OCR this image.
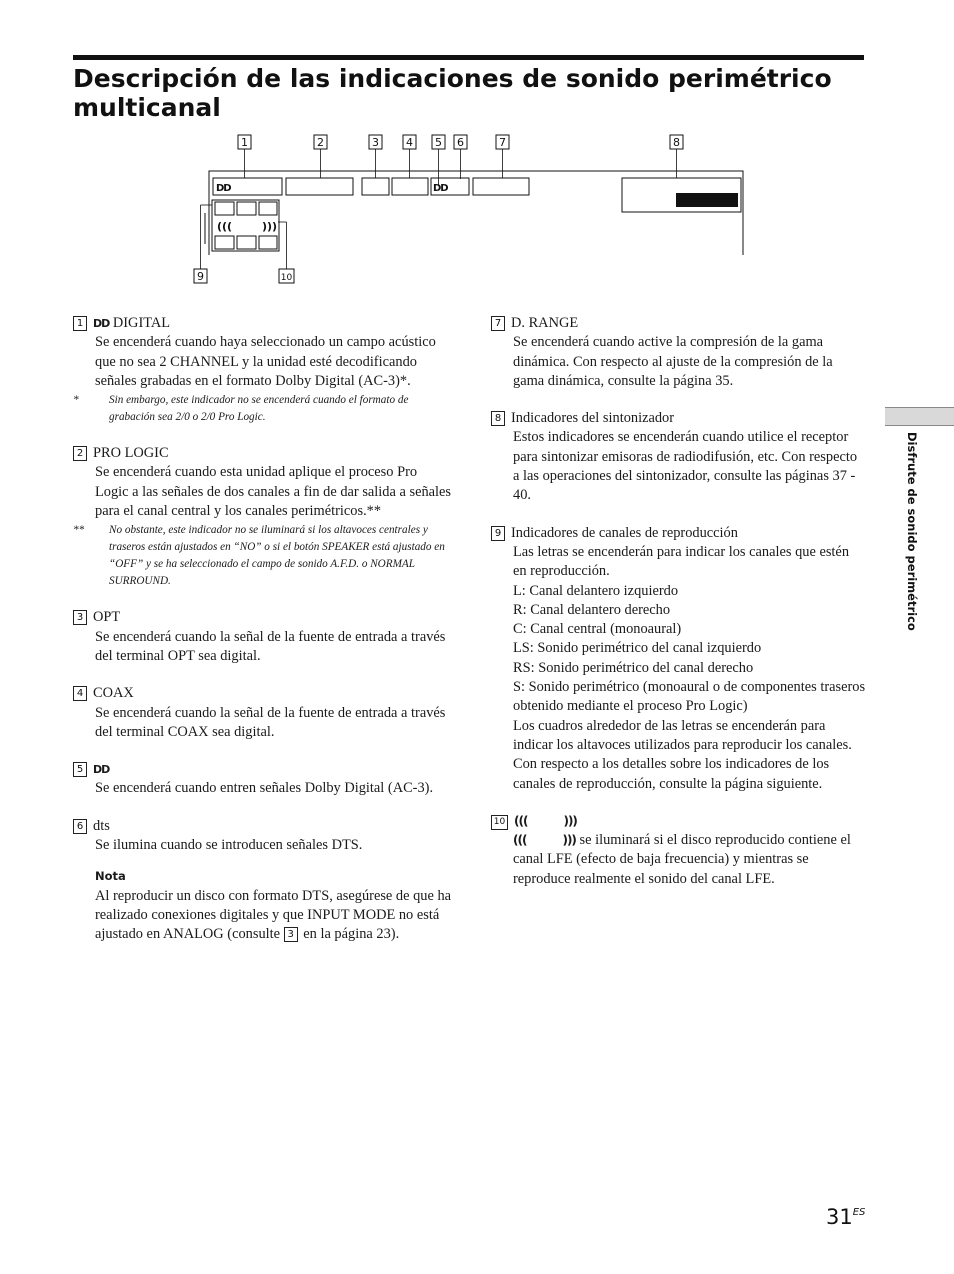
Descripción de las indicaciones de sonido perimétrico multicanal
1	2	3 4 5 6	7	8
9	10
DD	DD
(((	)))
1 DD DIGITAL

Se encenderá cuando haya seleccionado un campo acústico que no sea 2 CHANNEL y la unidad esté decodificando señales grabadas en el formato Dolby Digital (AC-3)*.

*	Sin embargo, este indicador no se encenderá cuando el formato de grabación sea 2/0 o 2/0 Pro Logic.
2 PRO LOGIC

Se encenderá cuando esta unidad aplique el proceso Pro Logic a las señales de dos canales a fin de dar salida a señales para el canal central y los canales perimétricos.**

**	No obstante, este indicador no se iluminará si los altavoces centrales y traseros están ajustados en “NO” o si el botón SPEAKER está ajustado en “OFF” y se ha seleccionado el campo de sonido A.F.D. o NORMAL SURROUND.
3 OPT

Se encenderá cuando la señal de la fuente de entrada a través del terminal OPT sea digital.

4 COAX

Se encenderá cuando la señal de la fuente de entrada a través del terminal COAX sea digital.

5 DD

Se encenderá cuando entren señales Dolby Digital (AC-3).

6 dts

Se ilumina cuando se introducen señales DTS.

Nota

Al reproducir un disco con formato DTS, asegúrese de que ha realizado conexiones digitales y que INPUT MODE no está ajustado en ANALOG (consulte 3 en la página 23).

7 D. RANGE

Se encenderá cuando active la compresión de la gama dinámica. Con respecto al ajuste de la compresión de la gama dinámica, consulte la página 35.

8 Indicadores del sintonizador

Estos indicadores se encenderán cuando utilice el receptor para sintonizar emisoras de radiodifusión, etc. Con respecto a las operaciones del sintonizador, consulte las páginas 37 - 40.

9 Indicadores de canales de reproducción

Las letras se encenderán para indicar los canales que estén en reproducción.

L: Canal delantero izquierdo

R: Canal delantero derecho

C: Canal central (monoaural)

LS: Sonido perimétrico del canal izquierdo

RS: Sonido perimétrico del canal derecho

S: Sonido perimétrico (monoaural o de componentes traseros obtenido mediante el proceso Pro Logic)

Los cuadros alrededor de las letras se encenderán para indicar los altavoces utilizados para reproducir los canales.

Con respecto a los detalles sobre los indicadores de los canales de reproducción, consulte la página siguiente.

10 (((	)))

(((	))) se iluminará si el disco reproducido contiene el canal LFE (efecto de baja frecuencia) y mientras se reproduce realmente el sonido del canal LFE.

Disfrute de sonido perimétrico
$31^{ES}$
